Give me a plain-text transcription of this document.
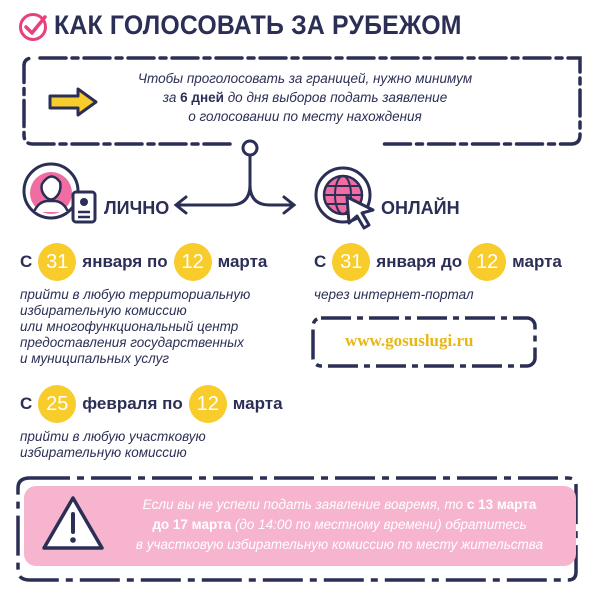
КАК ГОЛОСОВАТЬ ЗА РУБЕЖОМ
Чтобы проголосовать за границей, нужно минимум
за 6 дней до дня выборов подать заявление
о голосовании по месту нахождения
ЛИЧНО	ОНЛАЙН
С 31 января по 12 марта
прийти в любую территориальную
избирательную комиссию
или многофункциональный центр
предоставления государственных
и муниципальных услуг
С 25 февраля по 12 марта
прийти в любую участковую
избирательную комиссию
С 31 января до 12 марта
через интернет-портал
www.gosuslugi.ru
Если вы не успели подать заявление вовремя, то с 13 марта
до 17 марта (до 14:00 по местному времени) обратитесь
в участковую избирательную комиссию по месту жительства
